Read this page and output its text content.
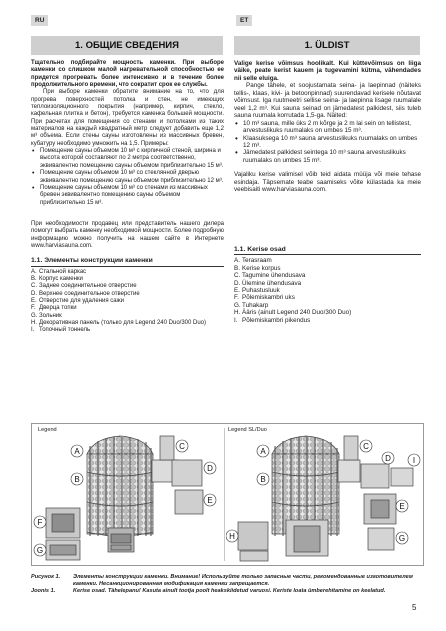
RU	ET
1. ОБЩИЕ СВЕДЕНИЯ	1. ÜLDIST

Тщательно подбирайте мощность каменки. При выборе каменки со слишком малой нагревательной способностью ее придется прогревать более интенсивно и в течение более продолжительного времени, что сократит срок ее службы.

При выборе каменки обратите внимание на то, что для прогрева поверхностей потолка и стен, не имеющих теплоизоляционного покрытия (например, кирпич, стекло, кафельная плитка и бетон), требуется каменка большей мощности. При расчетах для помещения со стенами и потолками из таких материалов на каждый квадратный метр следует добавить еще 1,2 м³ объема. Если стены сауны изготовлены из массивных бревен, кубатуру необходимо умножить на 1,5. Примеры:

• Помещение сауны объемом 10 м³ с кирпичной стеной, ширина и высота которой составляют по 2 метра соответственно, эквивалентно помещению сауны объемом приблизительно 15 м³.
• Помещение сауны объемом 10 м³ со стеклянной дверью эквивалентно помещению сауны объемом приблизительно 12 м³.
• Помещение сауны объемом 10 м³ со стенами из массивных бревен эквивалентно помещению сауны объемом приблизительно 15 м³.

При необходимости продавец или представитель нашего дилера помогут выбрать каменку необходимой мощности. Более подробную информацию можно получить на нашем сайте в Интернете www.harviasauna.com.

1.1. Элементы конструкции каменки
A. Стальной каркас
B. Корпус каменки
C. Заднее соединительное отверстие
D. Верхнее соединительное отверстие
E. Отверстие для удаления сажи
F. Дверца топки
G. Зольник
H. Декоративная панель (только для Legend 240 Duo/300 Duo)
I. Топочный тоннель

Valige kerise võimsus hoolikalt. Kui küttevõimsus on liiga väike, peate kerist kauem ja tugevamini kütma, vähendades nii selle eluiga.

Pange tähele, et soojustamata seina- ja laepinnad (näiteks tellis-, klaas, kivi- ja betoonpinnad) suurendavad kerisele nõutavat võimsust. Iga ruutmeetri sellise seina- ja laepinna lisage ruumalale veel 1,2 m³. Kui sauna seinad on jämedatest palkidest, siis tuleb sauna ruumala korrutada 1,5-ga. Näited:

• 10 m³ sauna, mille üks 2 m kõrge ja 2 m lai sein on tellistest, arvestuslikuks ruumalaks on umbes 15 m³.
• Klaasuksega 10 m³ sauna arvestuslikuks ruumalaks on umbes 12 m³.
• Jämedatest palkidest seintega 10 m³ sauna arvestuslikuks ruumalaks on umbes 15 m³.

Vajaliku kerise valimisel võib teid aidata müüja või meie tehase esindaja. Täpsemate teabe saamiseks võite külastada ka meie veebisaiti www.harviasauna.com.

1.1. Kerise osad
A. Terasraam
B. Kerise korpus
C. Tagumine ühendusava
D. Ülemine ühendusava
E. Puhastusluuk
F. Põlemiskambri uks
G.Tuhakarp
H. Ääris (ainult Legend 240 Duo/300 Duo)
I. Põlemiskambri pikendus
Legend	Legend SL/Duo
A
B
C
D
E
F
G
A
B
C
D
E
I
G
H
Рисунок 1.	Элементы конструкции каменки. Внимание! Используйте только запасные части, рекомендованные изготовителем каменки. Несанкционированная модификация каменки запрещается.
Joonis 1.	Kerise osad. Tähelepanu! Kasuta ainult tootja poolt heakskiidetud varuosi. Keriste loata ümberehitamine on keelatud.
5
